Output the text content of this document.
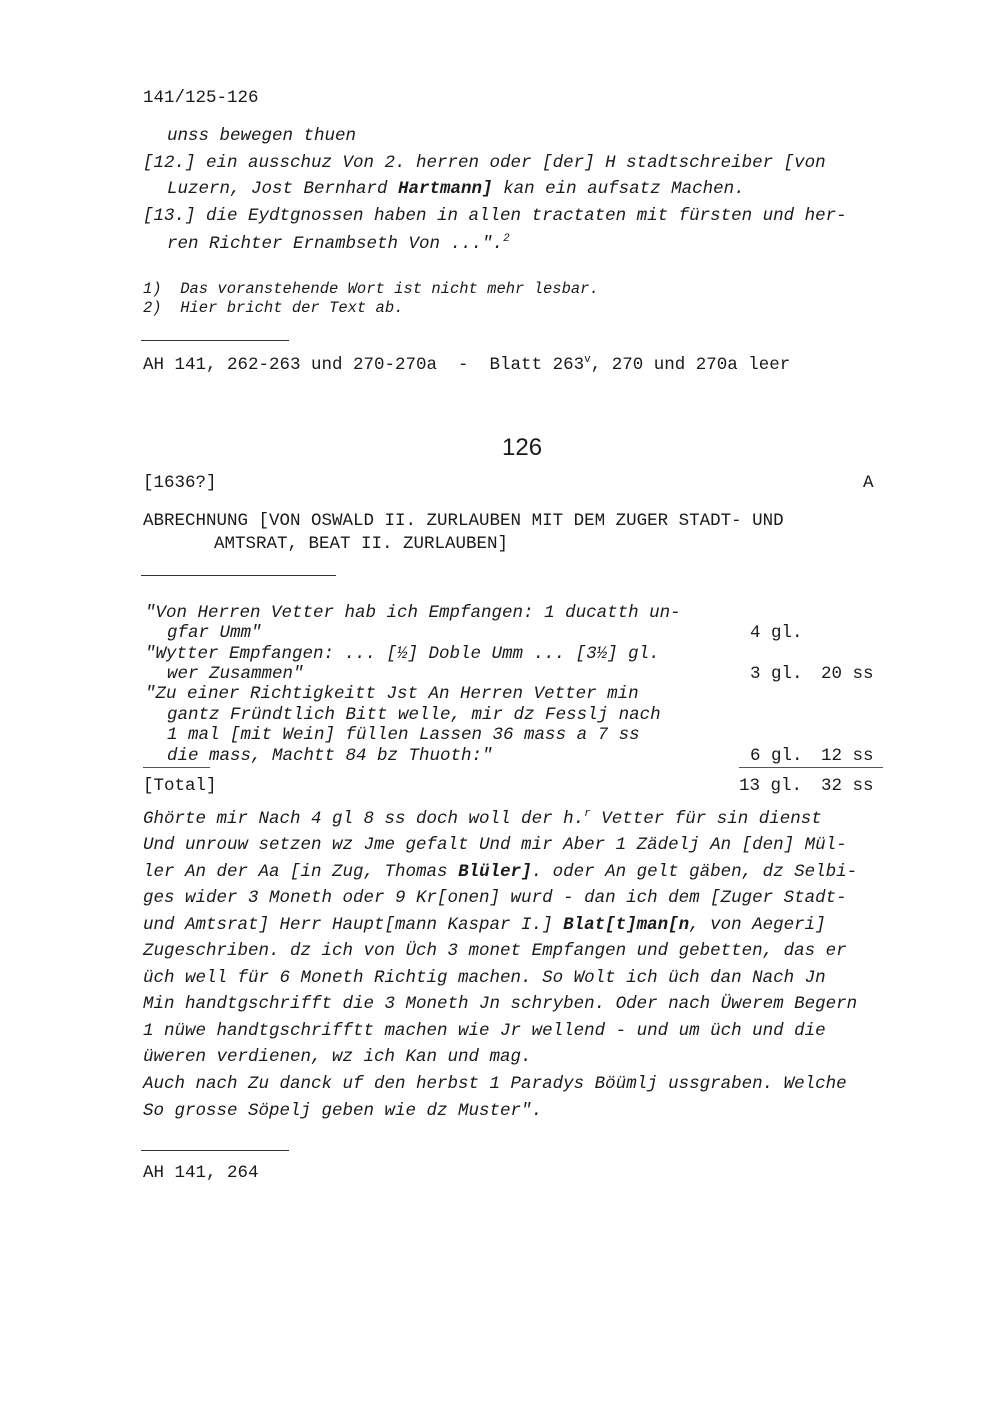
141/125-126
unss bewegen thuen
[12.] ein ausschuz Von 2. herren oder [der] H stadtschreiber [von
Luzern, Jost Bernhard Hartmann] kan ein aufsatz Machen.
[13.] die Eydtgnossen haben in allen tractaten mit fürsten und her-
ren Richter Ernambseth Von ...".$^2$
1)  Das voranstehende Wort ist nicht mehr lesbar.
2)  Hier bricht der Text ab.
AH 141, 262-263 und 270-270a  -  Blatt 263$^v$, 270 und 270a leer
126
[1636?]	A
ABRECHNUNG [VON OSWALD II. ZURLAUBEN MIT DEM ZUGER STADT- UND
AMTSRAT, BEAT II. ZURLAUBEN]
"Von Herren Vetter hab ich Empfangen: 1 ducatth un-
gfar Umm"	4 gl.
"Wytter Empfangen: ... [½] Doble Umm ... [3½] gl.
wer Zusammen"	3 gl. 20 ss
"Zu einer Richtigkeitt Jst An Herren Vetter min
gantz Fründtlich Bitt welle, mir dz Fesslj nach
1 mal [mit Wein] füllen Lassen 36 mass a 7 ss
die mass, Machtt 84 bz Thuoth:"	6 gl. 12 ss
[Total]	13 gl. 32 ss
Ghörte mir Nach 4 gl 8 ss doch woll der h.$^r$ Vetter für sin dienst
Und unrouw setzen wz Jme gefalt Und mir Aber 1 Zädelj An [den] Mül-
ler An der Aa [in Zug, Thomas Blüler]. oder An gelt gäben, dz Selbi-
ges wider 3 Moneth oder 9 Kr[onen] wurd - dan ich dem [Zuger Stadt-
und Amtsrat] Herr Haupt[mann Kaspar I.] Blat[t]man[n, von Aegeri]
Zugeschriben. dz ich von Üch 3 monet Empfangen und gebetten, das er
üch well für 6 Moneth Richtig machen. So Wolt ich üch dan Nach Jn
Min handtgschrifft die 3 Moneth Jn schryben. Oder nach Üwerem Begern
1 nüwe handtgschrifftt machen wie Jr wellend - und um üch und die
üweren verdienen, wz ich Kan und mag.
Auch nach Zu danck uf den herbst 1 Paradys Böümlj ussgraben. Welche
So grosse Söpelj geben wie dz Muster".
AH 141, 264
